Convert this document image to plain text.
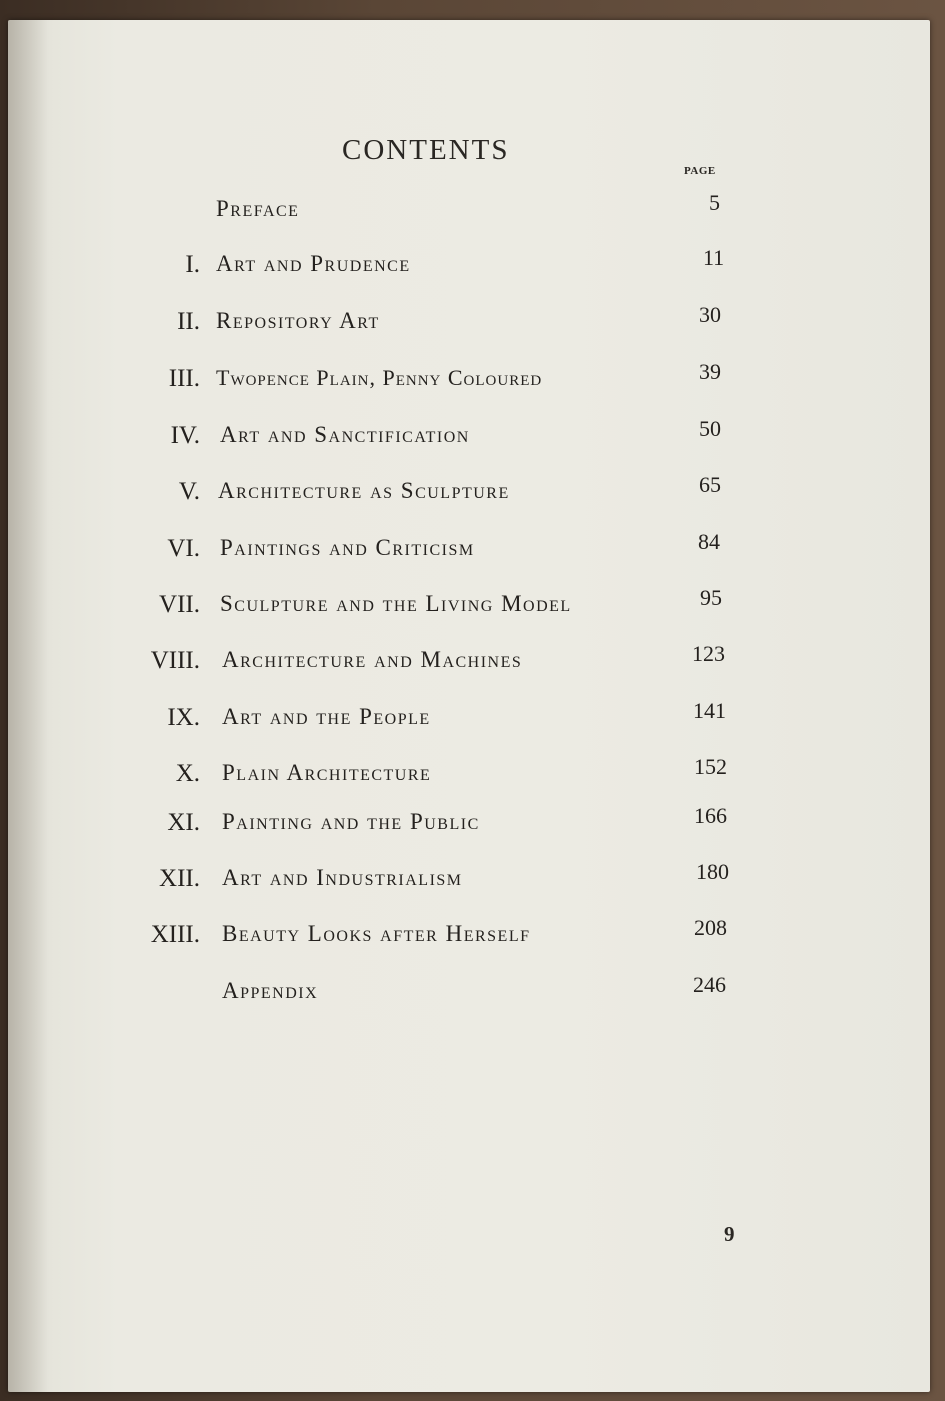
CONTENTS
PAGE
Preface	5
I. Art and Prudence	11
II. Repository Art	30
III. Twopence Plain, Penny Coloured	39
IV. Art and Sanctification	50
V. Architecture as Sculpture	65
VI. Paintings and Criticism	84
VII. Sculpture and the Living Model	95
VIII. Architecture and Machines	123
IX. Art and the People	141
X. Plain Architecture	152
XI. Painting and the Public	166
XII. Art and Industrialism	180
XIII. Beauty Looks after Herself	208
Appendix	246
9
